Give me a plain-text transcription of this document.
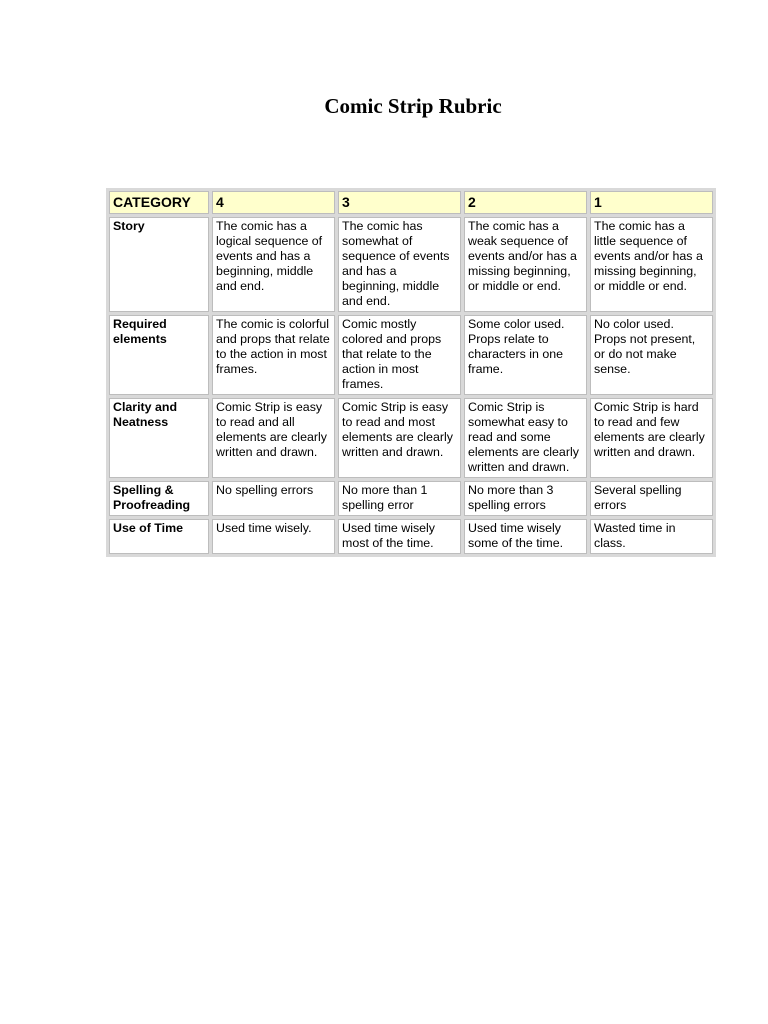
Comic Strip Rubric
CATEGORY	4	3	2	1
Story	The comic has a logical sequence of events and has a beginning, middle and end.	The comic has somewhat of sequence of events and has a beginning, middle and end.	The comic has a weak sequence of events and/or has a missing beginning, or middle or end.	The comic has a little sequence of events and/or has a missing beginning, or middle or end.
Required elements	The comic is colorful and props that relate to the action in most frames.	Comic mostly colored and props that relate to the action in most frames.	Some color used. Props relate to characters in one frame.	No color used. Props not present, or do not make sense.
Clarity and Neatness	Comic Strip is easy to read and all elements are clearly written and drawn.	Comic Strip is easy to read and most elements are clearly written and drawn.	Comic Strip is somewhat easy to read and some elements are clearly written and drawn.	Comic Strip is hard to read and few elements are clearly written and drawn.
Spelling & Proofreading	No spelling errors	No more than 1 spelling error	No more than 3 spelling errors	Several spelling errors
Use of Time	Used time wisely.	Used time wisely most of the time.	Used time wisely some of the time.	Wasted time in class.
